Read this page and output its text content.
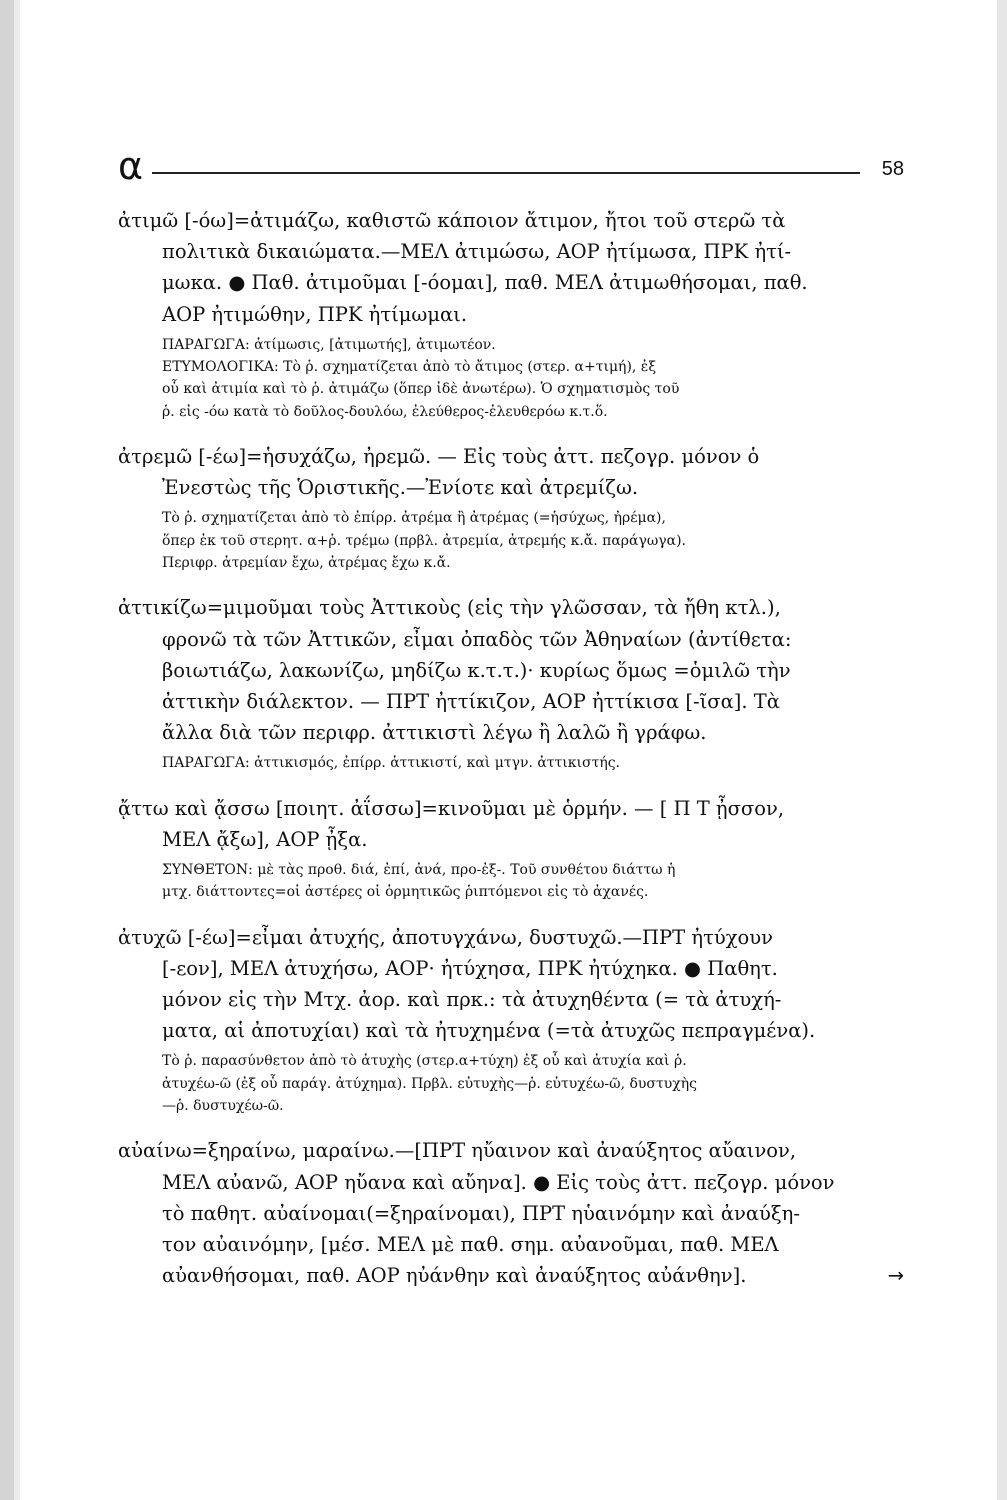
α	58
ἀτιμῶ [-όω]=ἀτιμάζω, καθιστῶ κάποιον ἄτιμον, ἤτοι τοῦ στερῶ τὰ
πολιτικὰ δικαιώματα.—ΜΕΛ ἀτιμώσω, ΑΟΡ ἠτίμωσα, ΠΡΚ ἠτί-
μωκα. ● Παθ. ἀτιμοῦμαι [-όομαι], παθ. ΜΕΛ ἀτιμωθήσομαι, παθ.
ΑΟΡ ἠτιμώθην, ΠΡΚ ἠτίμωμαι.
ΠΑΡΑΓΩΓΑ: ἀτίμωσις, [ἀτιμωτής], ἀτιμωτέον.
ΕΤΥΜΟΛΟΓΙΚΑ: Τὸ ῥ. σχηματίζεται ἀπὸ τὸ ἄτιμος (στερ. α+τιμή), ἐξ
οὗ καὶ ἀτιμία καὶ τὸ ῥ. ἀτιμάζω (ὅπερ ἰδὲ ἀνωτέρω). Ὁ σχηματισμὸς τοῦ
ῥ. εἰς -όω κατὰ τὸ δοῦλος-δουλόω, ἐλεύθερος-ἐλευθερόω κ.τ.ὅ.
ἀτρεμῶ [-έω]=ἡσυχάζω, ἠρεμῶ. — Εἰς τοὺς ἀττ. πεζογρ. μόνον ὁ
Ἐνεστὼς τῆς Ὁριστικῆς.—Ἐνίοτε καὶ ἀτρεμίζω.
Τὸ ῥ. σχηματίζεται ἀπὸ τὸ ἐπίρρ. ἀτρέμα ἢ ἀτρέμας (=ἡσύχως, ἠρέμα),
ὅπερ ἐκ τοῦ στερητ. α+ῥ. τρέμω (πρβλ. ἀτρεμία, ἀτρεμής κ.ἄ. παράγωγα).
Περιφρ. ἀτρεμίαν ἔχω, ἀτρέμας ἔχω κ.ἄ.
ἀττικίζω=μιμοῦμαι τοὺς Ἀττικοὺς (εἰς τὴν γλῶσσαν, τὰ ἤθη κτλ.),
φρονῶ τὰ τῶν Ἀττικῶν, εἶμαι ὀπαδὸς τῶν Ἀθηναίων (ἀντίθετα:
βοιωτιάζω, λακωνίζω, μηδίζω κ.τ.τ.)· κυρίως ὅμως =ὁμιλῶ τὴν
ἀττικὴν διάλεκτον. — ΠΡΤ ἠττίκιζον, ΑΟΡ ἠττίκισα [-ῖσα]. Τὰ
ἄλλα διὰ τῶν περιφρ. ἀττικιστὶ λέγω ἢ λαλῶ ἢ γράφω.
ΠΑΡΑΓΩΓΑ: ἀττικισμός, ἐπίρρ. ἀττικιστί, καὶ μτγν. ἀττικιστής.
ᾄττω καὶ ᾄσσω [ποιητ. ἀΐσσω]=κινοῦμαι μὲ ὁρμήν. — [ Π Τ ᾖσσον,
ΜΕΛ ᾄξω], ΑΟΡ ᾖξα.
ΣΥΝΘΕΤΟΝ: μὲ τὰς προθ. διά, ἐπί, ἀνά, προ-ἐξ-. Τοῦ συνθέτου διάττω ἡ
μτχ. διάττοντες=οἱ ἀστέρες οἱ ὁρμητικῶς ῥιπτόμενοι εἰς τὸ ἀχανές.
ἀτυχῶ [-έω]=εἶμαι ἀτυχής, ἀποτυγχάνω, δυστυχῶ.—ΠΡΤ ἠτύχουν
[-εον], ΜΕΛ ἀτυχήσω, ΑΟΡ· ἠτύχησα, ΠΡΚ ἠτύχηκα. ● Παθητ.
μόνον εἰς τὴν Μτχ. ἀορ. καὶ πρκ.: τὰ ἀτυχηθέντα (= τὰ ἀτυχή-
ματα, αἱ ἀποτυχίαι) καὶ τὰ ἠτυχημένα (=τὰ ἀτυχῶς πεπραγμένα).
Τὸ ῥ. παρασύνθετον ἀπὸ τὸ ἀτυχὴς (στερ.α+τύχη) ἐξ οὗ καὶ ἀτυχία καὶ ῥ.
ἀτυχέω-ῶ (ἐξ οὗ παράγ. ἀτύχημα). Πρβλ. εὐτυχὴς—ῥ. εὐτυχέω-ῶ, δυστυχὴς
—ῥ. δυστυχέω-ῶ.
αὐαίνω=ξηραίνω, μαραίνω.—[ΠΡΤ ηὔαινον καὶ ἀναύξητος αὔαινον,
ΜΕΛ αὐανῶ, ΑΟΡ ηὔανα καὶ αὔηνα]. ● Εἰς τοὺς ἀττ. πεζογρ. μόνον
τὸ παθητ. αὐαίνομαι(=ξηραίνομαι), ΠΡΤ ηὑαινόμην καὶ ἀναύξη-
τον αὐαινόμην, [μέσ. ΜΕΛ μὲ παθ. σημ. αὐανοῦμαι, παθ. ΜΕΛ
αὐανθήσομαι, παθ. ΑΟΡ ηὐάνθην καὶ ἀναύξητος αὐάνθην].	→
